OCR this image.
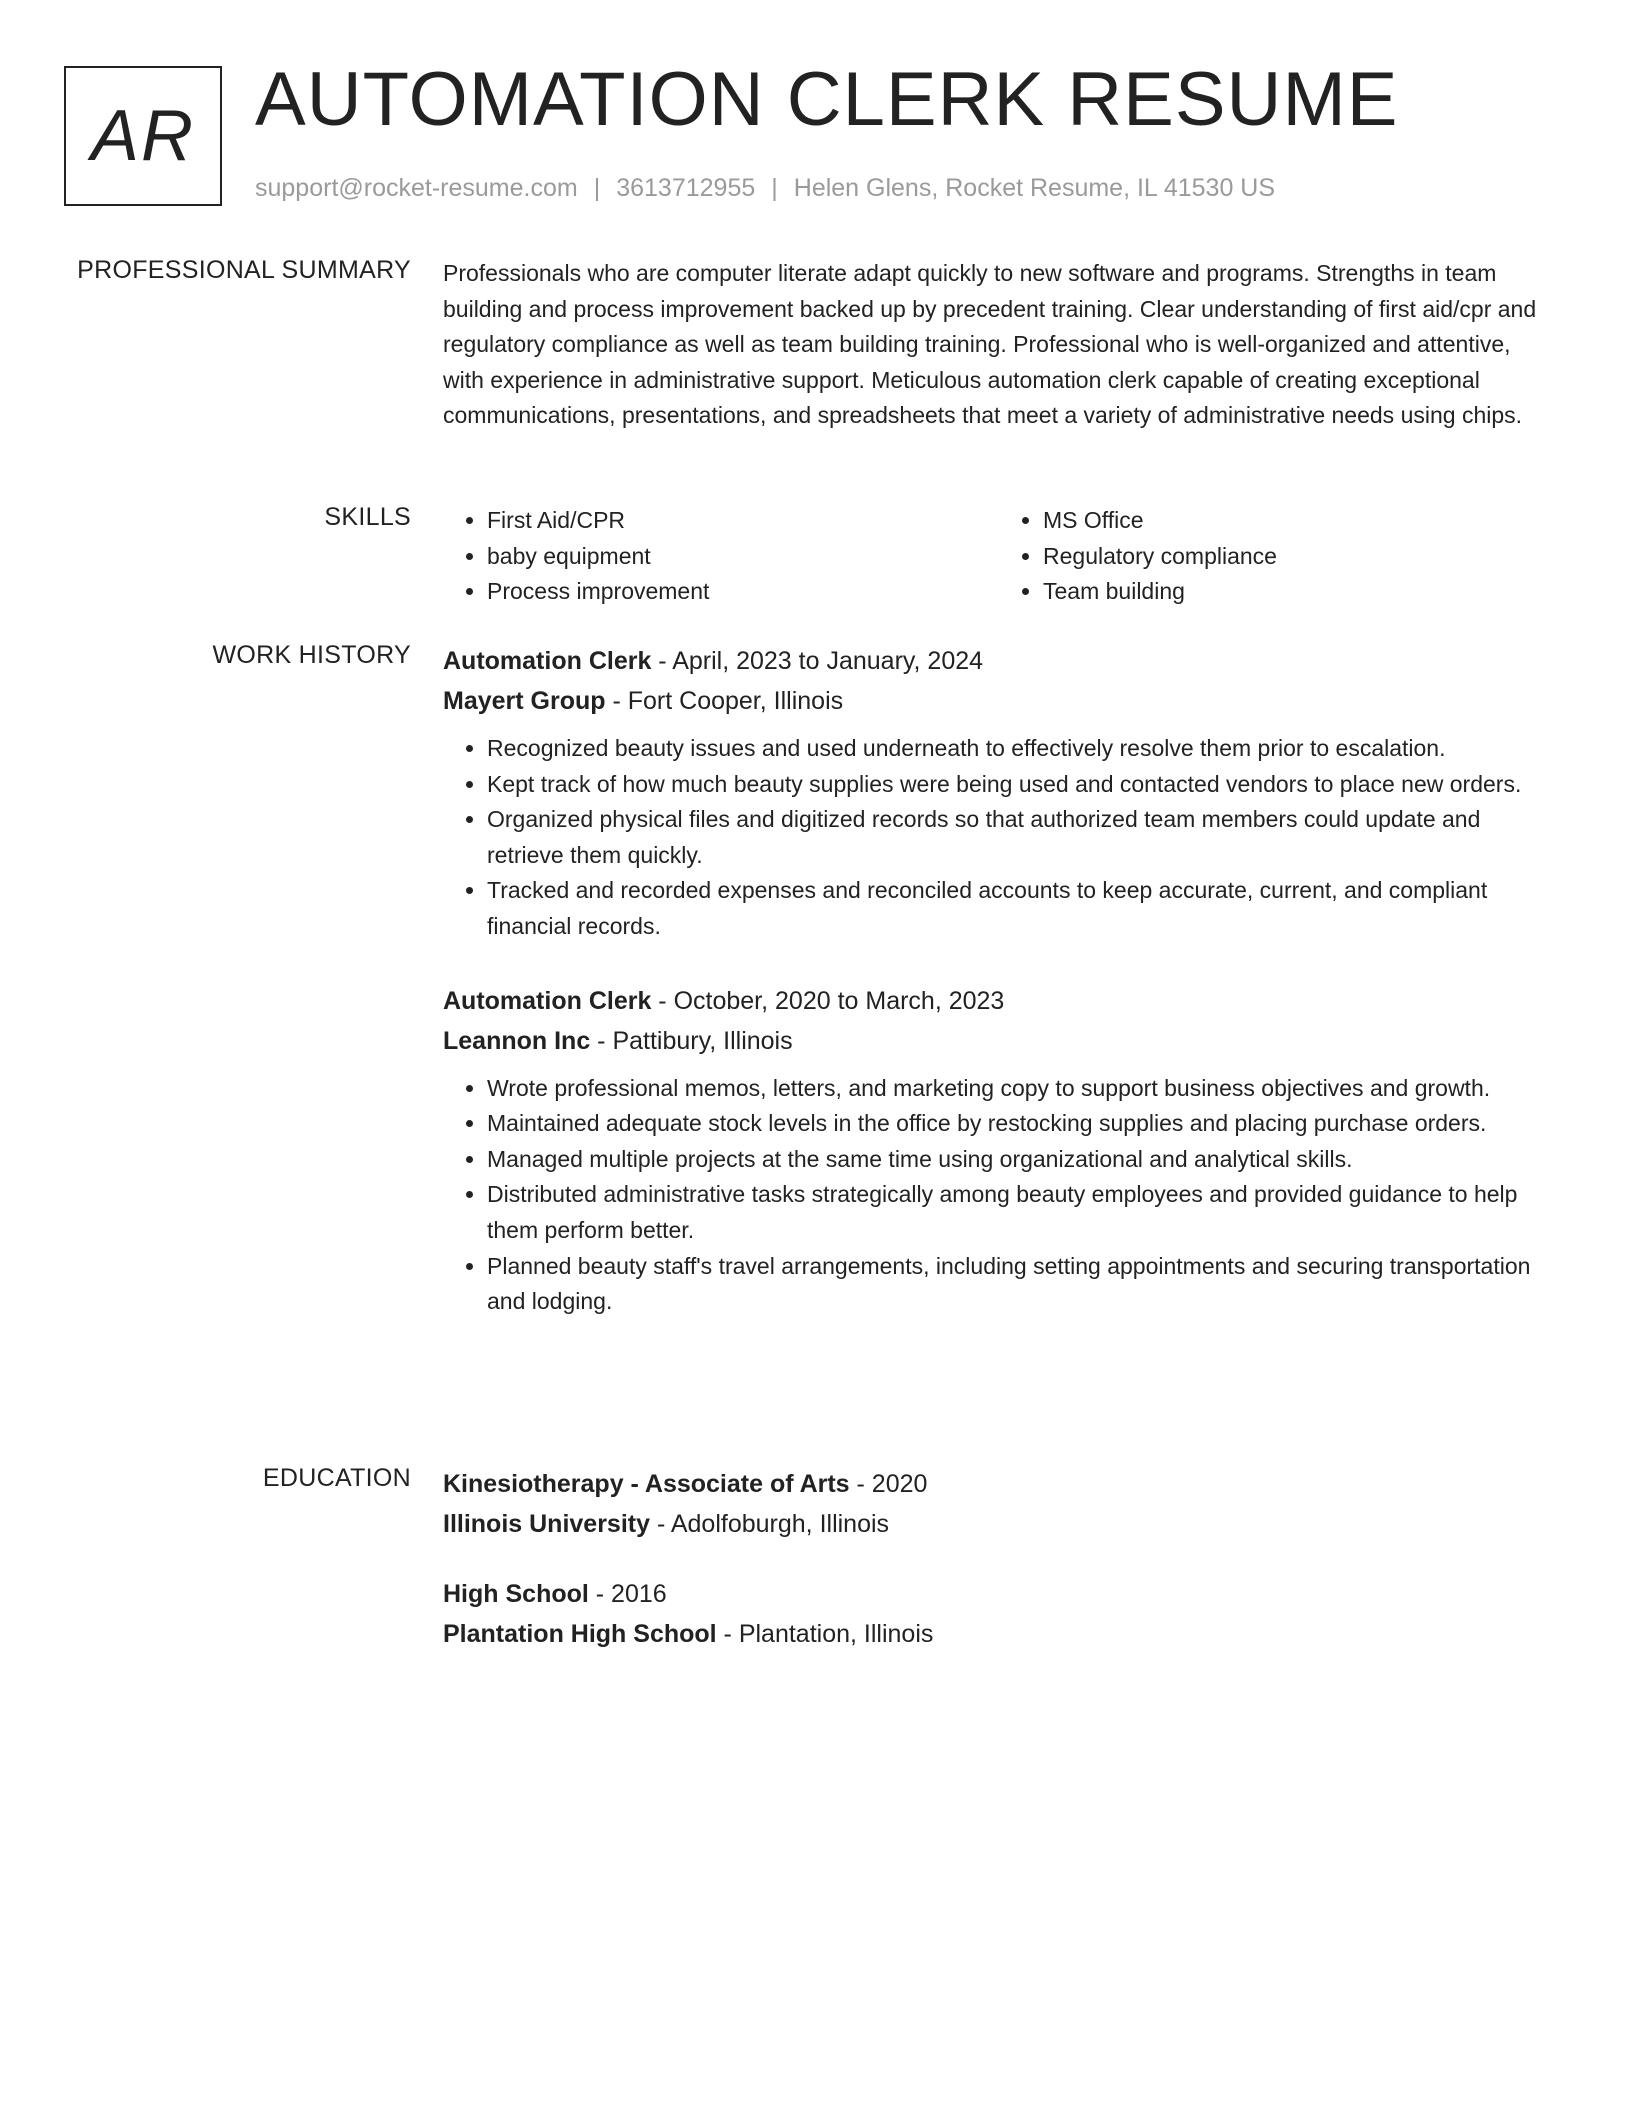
AR AUTOMATION CLERK RESUME
support@rocket-resume.com | 3613712955 | Helen Glens, Rocket Resume, IL 41530 US
PROFESSIONAL SUMMARY Professionals who are computer literate adapt quickly to new software and programs. Strengths in team building and process improvement backed up by precedent training. Clear understanding of first aid/cpr and regulatory compliance as well as team building training. Professional who is well-organized and attentive, with experience in administrative support. Meticulous automation clerk capable of creating exceptional communications, presentations, and spreadsheets that meet a variety of administrative needs using chips.

SKILLS
•	First Aid/CPR
• baby equipment
• Process improvement
• MS Office
• Regulatory compliance
• Team building
WORK HISTORY Automation Clerk - April, 2023 to January, 2024
Mayert Group - Fort Cooper, Illinois
• Recognized beauty issues and used underneath to effectively resolve them prior to escalation.
• Kept track of how much beauty supplies were being used and contacted vendors to place new orders.
• Organized physical files and digitized records so that authorized team members could update and retrieve them quickly.
• Tracked and recorded expenses and reconciled accounts to keep accurate, current, and compliant financial records.
Automation Clerk - October, 2020 to March, 2023
Leannon Inc - Pattibury, Illinois
• Wrote professional memos, letters, and marketing copy to support business objectives and growth.
• Maintained adequate stock levels in the office by restocking supplies and placing purchase orders.
• Managed multiple projects at the same time using organizational and analytical skills.
• Distributed administrative tasks strategically among beauty employees and provided guidance to help them perform better.
• Planned beauty staff's travel arrangements, including setting appointments and securing transportation and lodging.
EDUCATION Kinesiotherapy - Associate of Arts - 2020
Illinois University - Adolfoburgh, Illinois
High School - 2016
Plantation High School - Plantation, Illinois
